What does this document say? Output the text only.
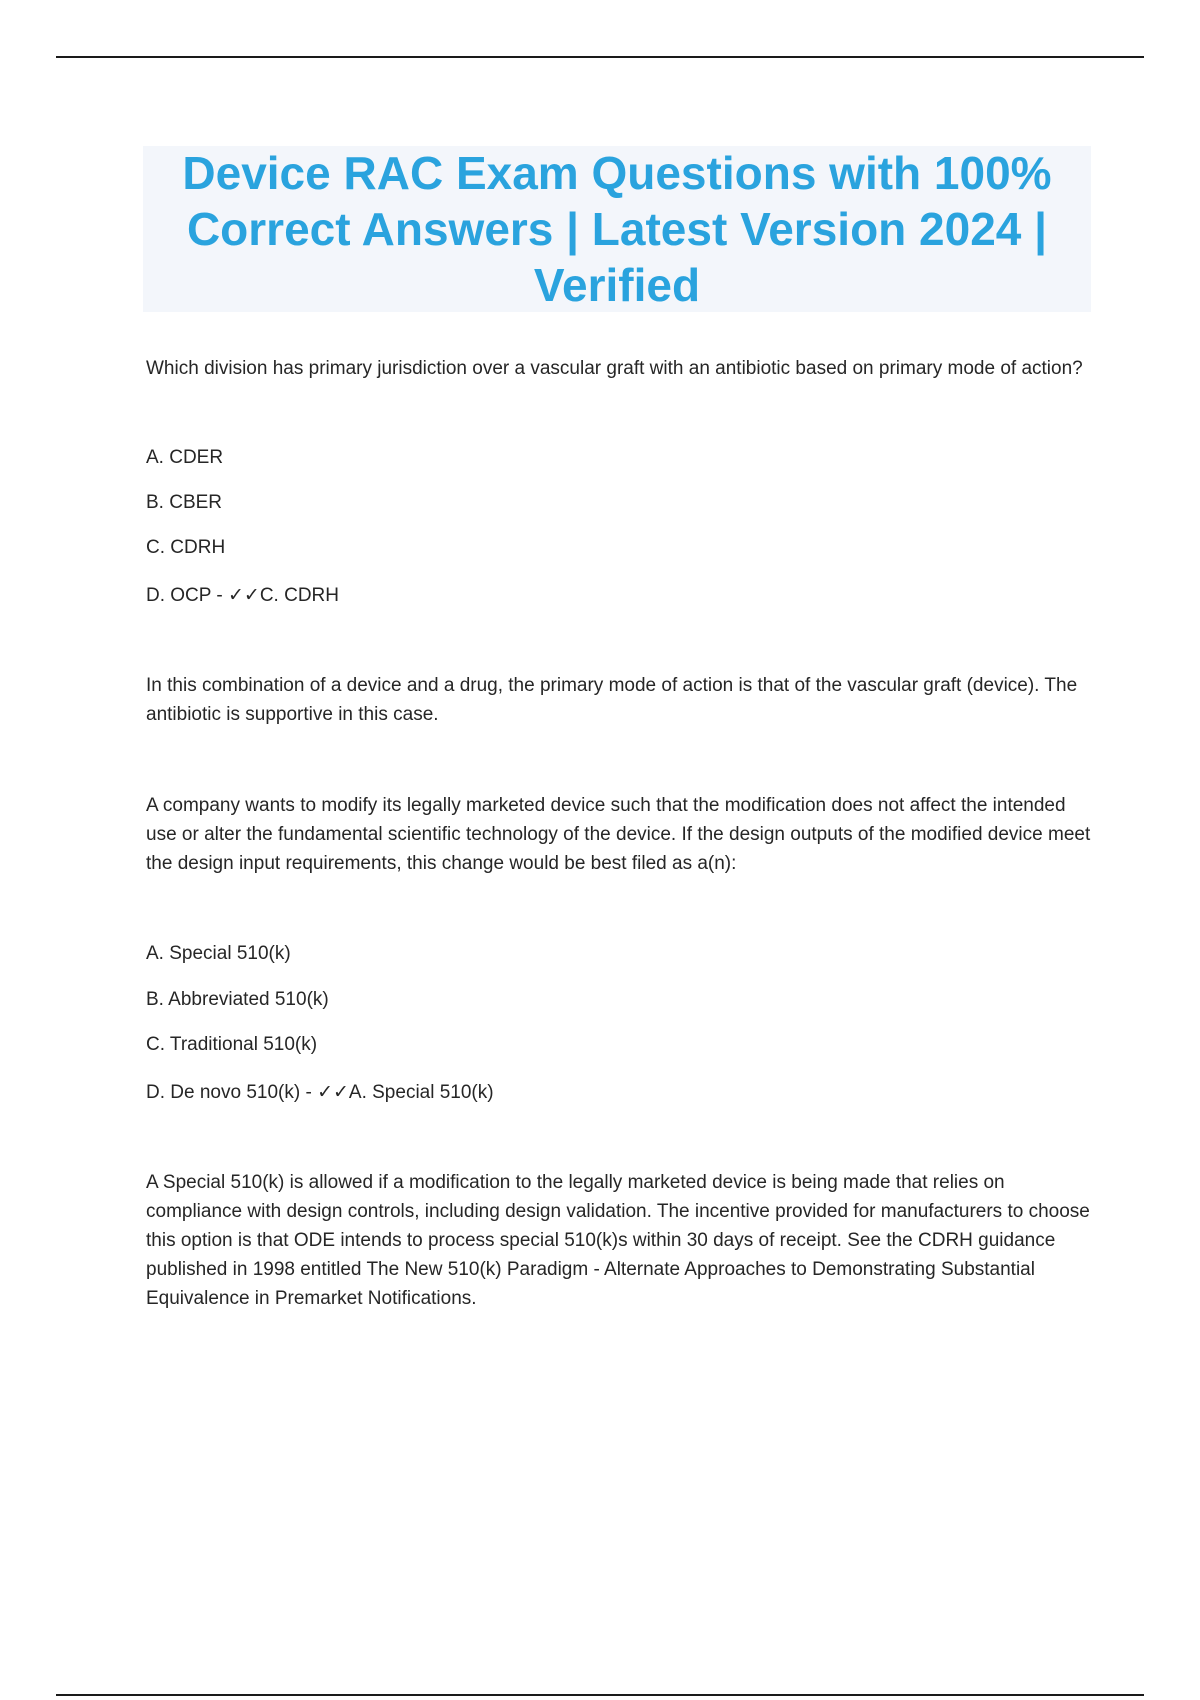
Device RAC Exam Questions with 100% Correct Answers | Latest Version 2024 | Verified

Which division has primary jurisdiction over a vascular graft with an antibiotic based on primary mode of action?

A. CDER

B. CBER

C. CDRH

D. OCP - ✓✓C. CDRH

In this combination of a device and a drug, the primary mode of action is that of the vascular graft (device). The antibiotic is supportive in this case.

A company wants to modify its legally marketed device such that the modification does not affect the intended use or alter the fundamental scientific technology of the device. If the design outputs of the modified device meet the design input requirements, this change would be best filed as a(n):

A. Special 510(k)

B. Abbreviated 510(k)

C. Traditional 510(k)

D. De novo 510(k) - ✓✓A. Special 510(k)

A Special 510(k) is allowed if a modification to the legally marketed device is being made that relies on compliance with design controls, including design validation. The incentive provided for manufacturers to choose this option is that ODE intends to process special 510(k)s within 30 days of receipt. See the CDRH guidance published in 1998 entitled The New 510(k) Paradigm - Alternate Approaches to Demonstrating Substantial Equivalence in Premarket Notifications.
